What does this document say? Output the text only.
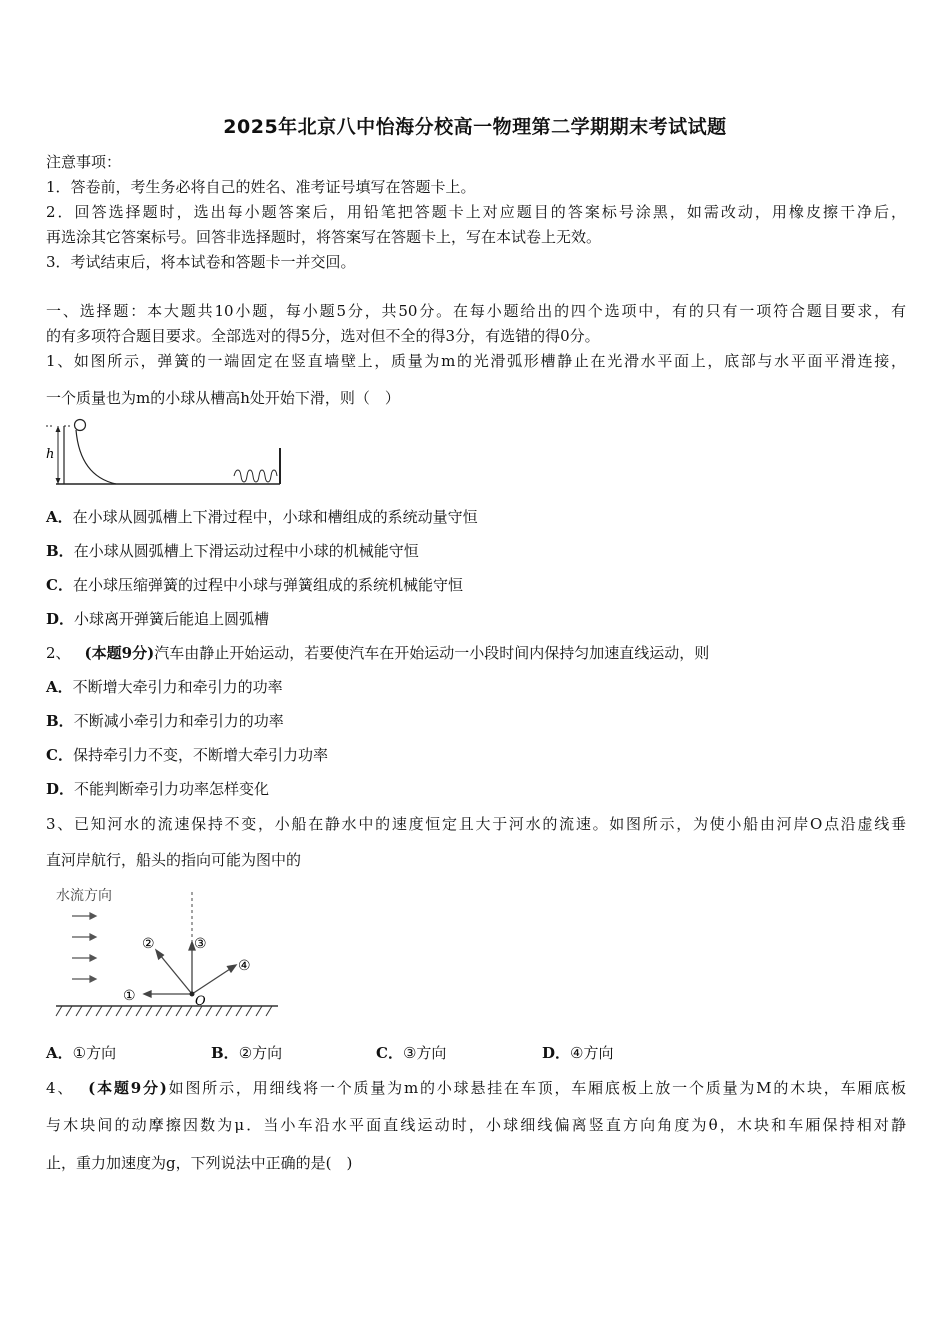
2025年北京八中怡海分校高一物理第二学期期末考试试题
注意事项：
1．答卷前，考生务必将自己的姓名、准考证号填写在答题卡上。
2．回答选择题时，选出每小题答案后，用铅笔把答题卡上对应题目的答案标号涂黑，如需改动，用橡皮擦干净后，
再选涂其它答案标号。回答非选择题时，将答案写在答题卡上，写在本试卷上无效。
3．考试结束后，将本试卷和答题卡一并交回。
一、选择题：本大题共10小题，每小题5分，共50分。在每小题给出的四个选项中，有的只有一项符合题目要求，有
的有多项符合题目要求。全部选对的得5分，选对但不全的得3分，有选错的得0分。
1、如图所示，弹簧的一端固定在竖直墙壁上，质量为m的光滑弧形槽静止在光滑水平面上，底部与水平面平滑连接，
一个质量也为m的小球从槽高h处开始下滑，则（　）
h
A．在小球从圆弧槽上下滑过程中，小球和槽组成的系统动量守恒
B．在小球从圆弧槽上下滑运动过程中小球的机械能守恒
C．在小球压缩弹簧的过程中小球与弹簧组成的系统机械能守恒
D．小球离开弹簧后能追上圆弧槽
2、 (本题9分)汽车由静止开始运动，若要使汽车在开始运动一小段时间内保持匀加速直线运动，则
A．不断增大牵引力和牵引力的功率
B．不断减小牵引力和牵引力的功率
C．保持牵引力不变，不断增大牵引力功率
D．不能判断牵引力功率怎样变化
3、已知河水的流速保持不变，小船在静水中的速度恒定且大于河水的流速。如图所示，为使小船由河岸O点沿虚线垂
直河岸航行，船头的指向可能为图中的
水流方向
O
①
②	③
④
A．①方向	B．②方向	C．③方向	D．④方向
4、 (本题9分)如图所示，用细线将一个质量为m的小球悬挂在车顶，车厢底板上放一个质量为M的木块，车厢底板
与木块间的动摩擦因数为μ．当小车沿水平面直线运动时，小球细线偏离竖直方向角度为θ，木块和车厢保持相对静
止，重力加速度为g，下列说法中正确的是(　)
